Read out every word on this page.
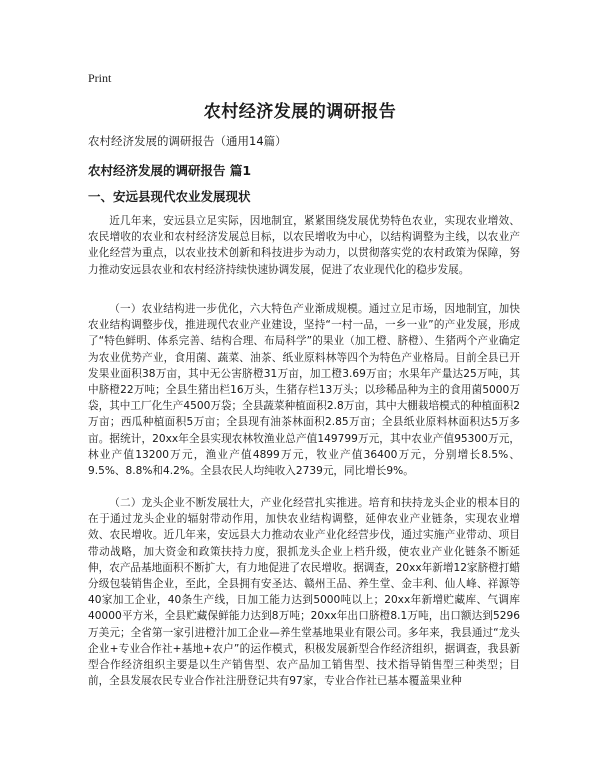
Print
农村经济发展的调研报告
农村经济发展的调研报告（通用14篇）
农村经济发展的调研报告 篇1
一、安远县现代农业发展现状
近几年来，安远县立足实际，因地制宜，紧紧围绕发展优势特色农业，实现农业增效、农民增收的农业和农村经济发展总目标，以农民增收为中心，以结构调整为主线，以农业产业化经营为重点，以农业技术创新和科技进步为动力，以贯彻落实党的农村政策为保障，努力推动安远县农业和农村经济持续快速协调发展，促进了农业现代化的稳步发展。
（一）农业结构进一步优化，六大特色产业渐成规模。通过立足市场，因地制宜，加快农业结构调整步伐，推进现代农业产业建设，坚持“一村一品，一乡一业”的产业发展，形成了“特色鲜明、体系完善、结构合理、布局科学”的果业（加工橙、脐橙）、生猪两个产业确定为农业优势产业，食用菌、蔬菜、油茶、纸业原料林等四个为特色产业格局。目前全县已开发果业面积38万亩，其中无公害脐橙31万亩，加工橙3.69万亩；水果年产量达25万吨，其中脐橙22万吨；全县生猪出栏16万头，生猪存栏13万头；以珍稀品种为主的食用菌5000万袋，其中工厂化生产4500万袋；全县蔬菜种植面积2.8万亩，其中大棚栽培模式的种植面积2万亩；西瓜种植面积5万亩；全县现有油茶林面积2.85万亩；全县纸业原料林面积达5万多亩。据统计，20xx年全县实现农林牧渔业总产值149799万元，其中农业产值95300万元，林业产值13200万元，渔业产值4899万元，牧业产值36400万元，分别增长8.5%、9.5%、8.8%和4.2%。全县农民人均纯收入2739元，同比增长9%。
（二）龙头企业不断发展壮大，产业化经营扎实推进。培育和扶持龙头企业的根本目的在于通过龙头企业的辐射带动作用，加快农业结构调整，延伸农业产业链条，实现农业增效、农民增收。近几年来，安远县大力推动农业产业化经营步伐，通过实施产业带动、项目带动战略，加大资金和政策扶持力度，狠抓龙头企业上档升级，使农业产业化链条不断延伸，农产品基地面积不断扩大，有力地促进了农民增收。据调查，20xx年新增12家脐橙打蜡分级包装销售企业，至此，全县拥有安圣达、赣州王品、养生堂、金丰利、仙人峰、祥源等40家加工企业，40条生产线，日加工能力达到5000吨以上；20xx年新增贮藏库、气调库40000平方米，全县贮藏保鲜能力达到8万吨；20xx年出口脐橙8.1万吨，出口额达到5296万美元；全省第一家引进橙汁加工企业—养生堂基地果业有限公司。多年来，我县通过“龙头企业+专业合作社+基地+农户”的运作模式，积极发展新型合作经济组织，据调查，我县新型合作经济组织主要是以生产销售型、农产品加工销售型、技术指导销售型三种类型；目前，全县发展农民专业合作社注册登记共有97家，专业合作社已基本覆盖果业种
